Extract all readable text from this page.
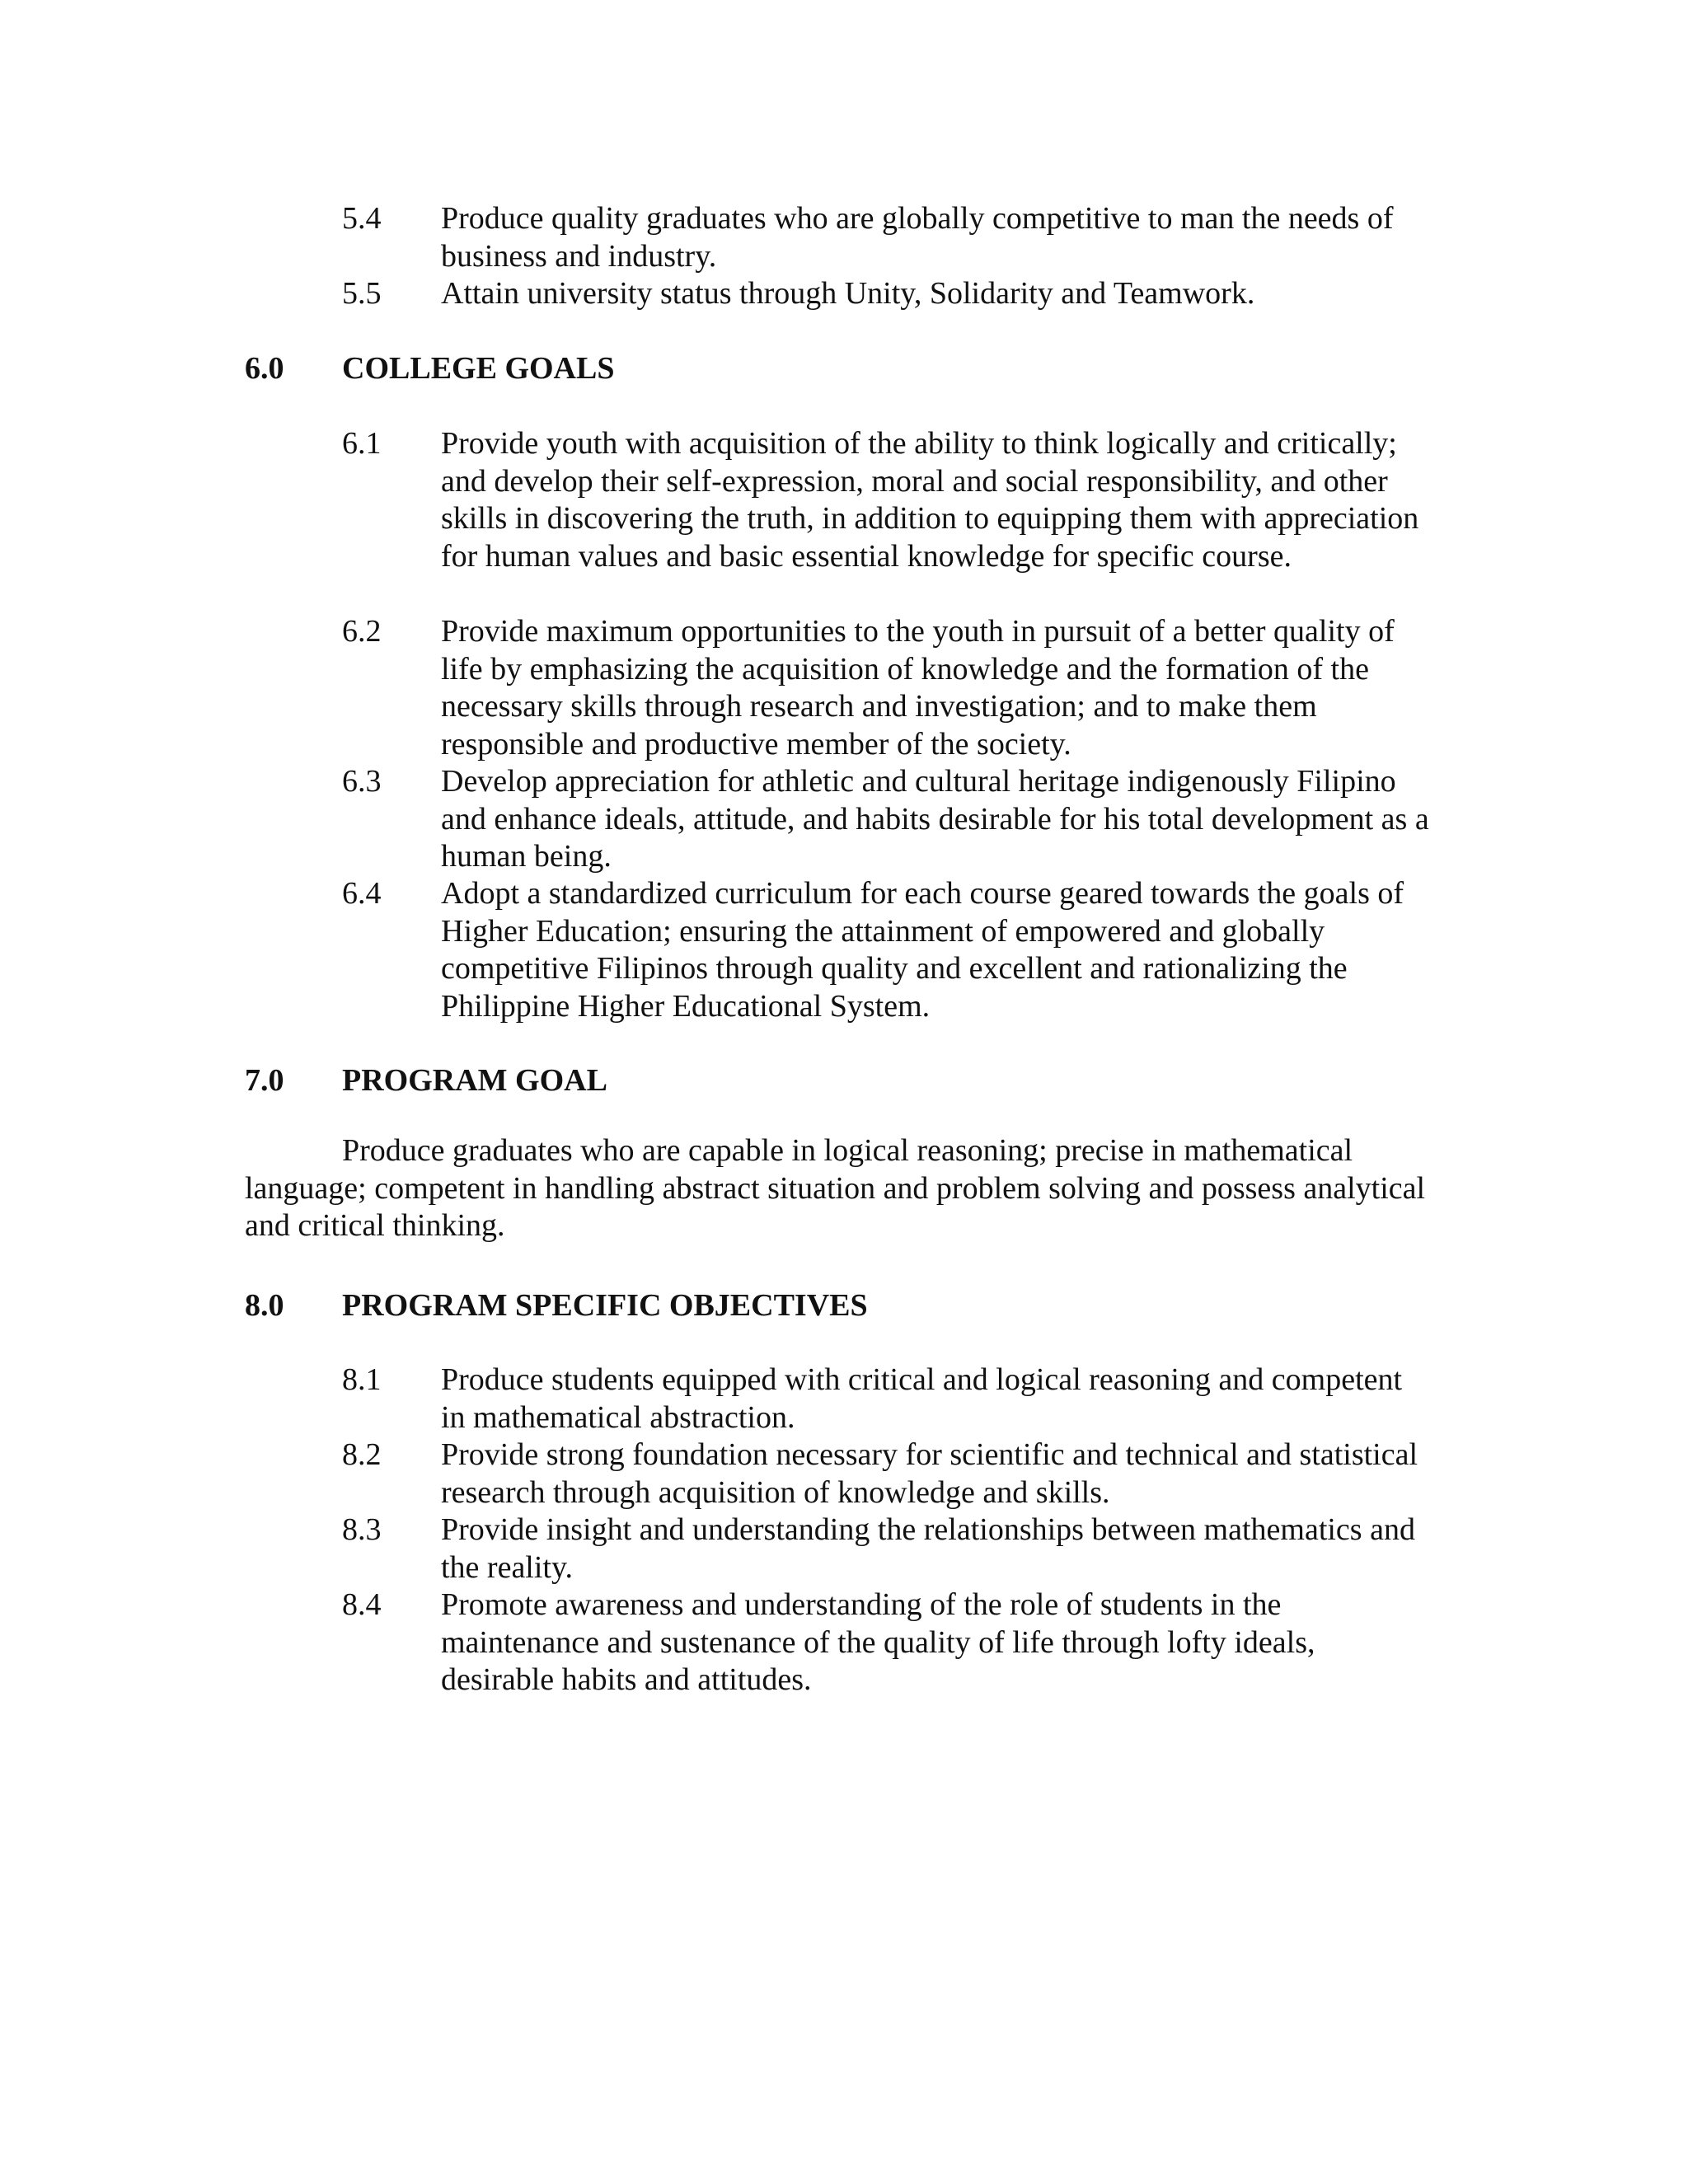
5.4	Produce quality graduates who are globally competitive to man the needs of business and industry.
5.5	Attain university status through Unity, Solidarity and Teamwork.
6.0	COLLEGE GOALS
6.1	Provide youth with acquisition of the ability to think logically and critically; and develop their self-expression, moral and social responsibility, and other skills in discovering the truth, in addition to equipping them with appreciation for human values and basic essential knowledge for specific course.
6.2	Provide maximum opportunities to the youth in pursuit of a better quality of life by emphasizing the acquisition of knowledge and the formation of the necessary skills through research and investigation; and to make them responsible and productive member of the society.
6.3	Develop appreciation for athletic and cultural heritage indigenously Filipino and enhance ideals, attitude, and habits desirable for his total development as a human being.
6.4	Adopt a standardized curriculum for each course geared towards the goals of Higher Education; ensuring the attainment of empowered and globally competitive Filipinos through quality and excellent and rationalizing the Philippine Higher Educational System.
7.0	PROGRAM GOAL
Produce graduates who are capable in logical reasoning; precise in mathematical language; competent in handling abstract situation and problem solving and possess analytical and critical thinking.
8.0	PROGRAM SPECIFIC OBJECTIVES
8.1	Produce students equipped with critical and logical reasoning and competent in mathematical abstraction.
8.2	Provide strong foundation necessary for scientific and technical and statistical research through acquisition of knowledge and skills.
8.3	Provide insight and understanding the relationships between mathematics and the reality.
8.4	Promote awareness and understanding of the role of students in the maintenance and sustenance of the quality of life through lofty ideals, desirable habits and attitudes.
